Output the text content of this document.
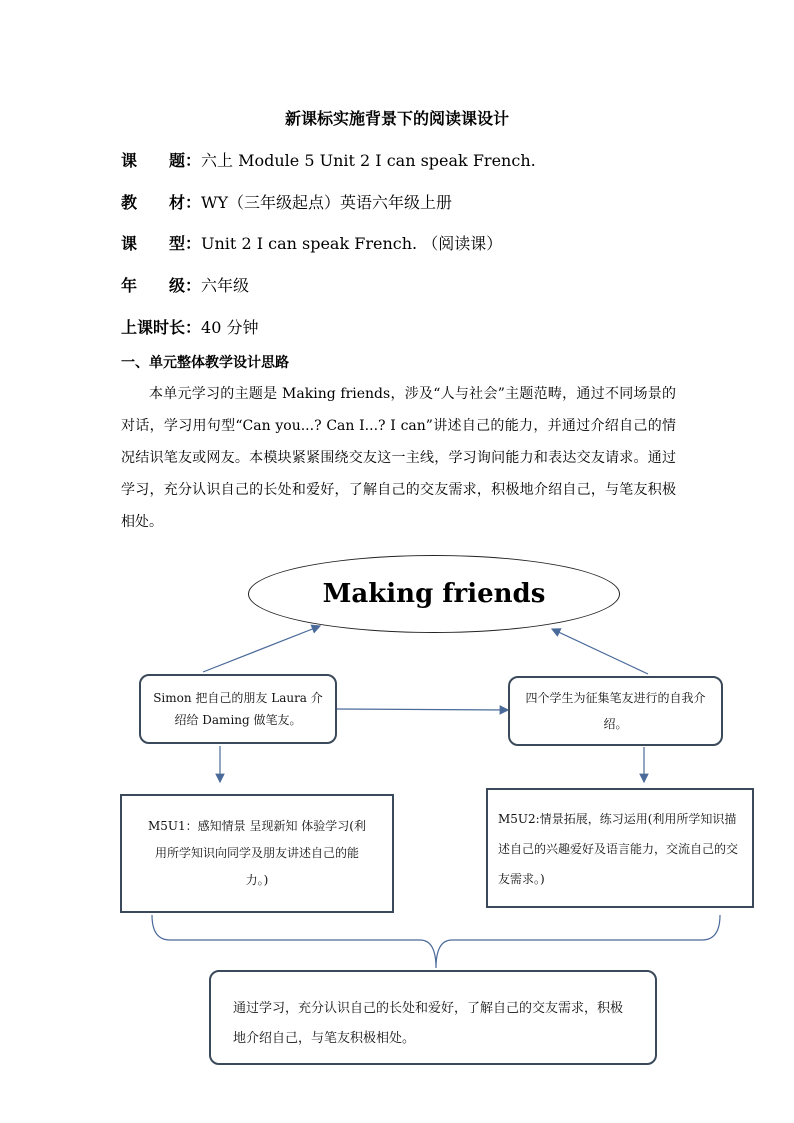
新课标实施背景下的阅读课设计
课　　题：六上 Module 5 Unit 2 I can speak French.
教　　材：WY（三年级起点）英语六年级上册
课　　型：Unit 2 I can speak French. （阅读课）
年　　级：六年级
上课时长：40 分钟
一、单元整体教学设计思路
本单元学习的主题是 Making friends，涉及“人与社会”主题范畴，通过不同场景的对话，学习用句型“Can you...? Can I...? I can”讲述自己的能力，并通过介绍自己的情况结识笔友或网友。本模块紧紧围绕交友这一主线，学习询问能力和表达交友请求。通过学习，充分认识自己的长处和爱好，了解自己的交友需求，积极地介绍自己，与笔友积极相处。
Making friends
Simon 把自己的朋友 Laura 介绍给 Daming 做笔友。
四个学生为征集笔友进行的自我介绍。
M5U1：感知情景 呈现新知 体验学习(利用所学知识向同学及朋友讲述自己的能力。)
M5U2:情景拓展，练习运用(利用所学知识描述自己的兴趣爱好及语言能力，交流自己的交友需求。)
通过学习，充分认识自己的长处和爱好，了解自己的交友需求，积极地介绍自己，与笔友积极相处。
